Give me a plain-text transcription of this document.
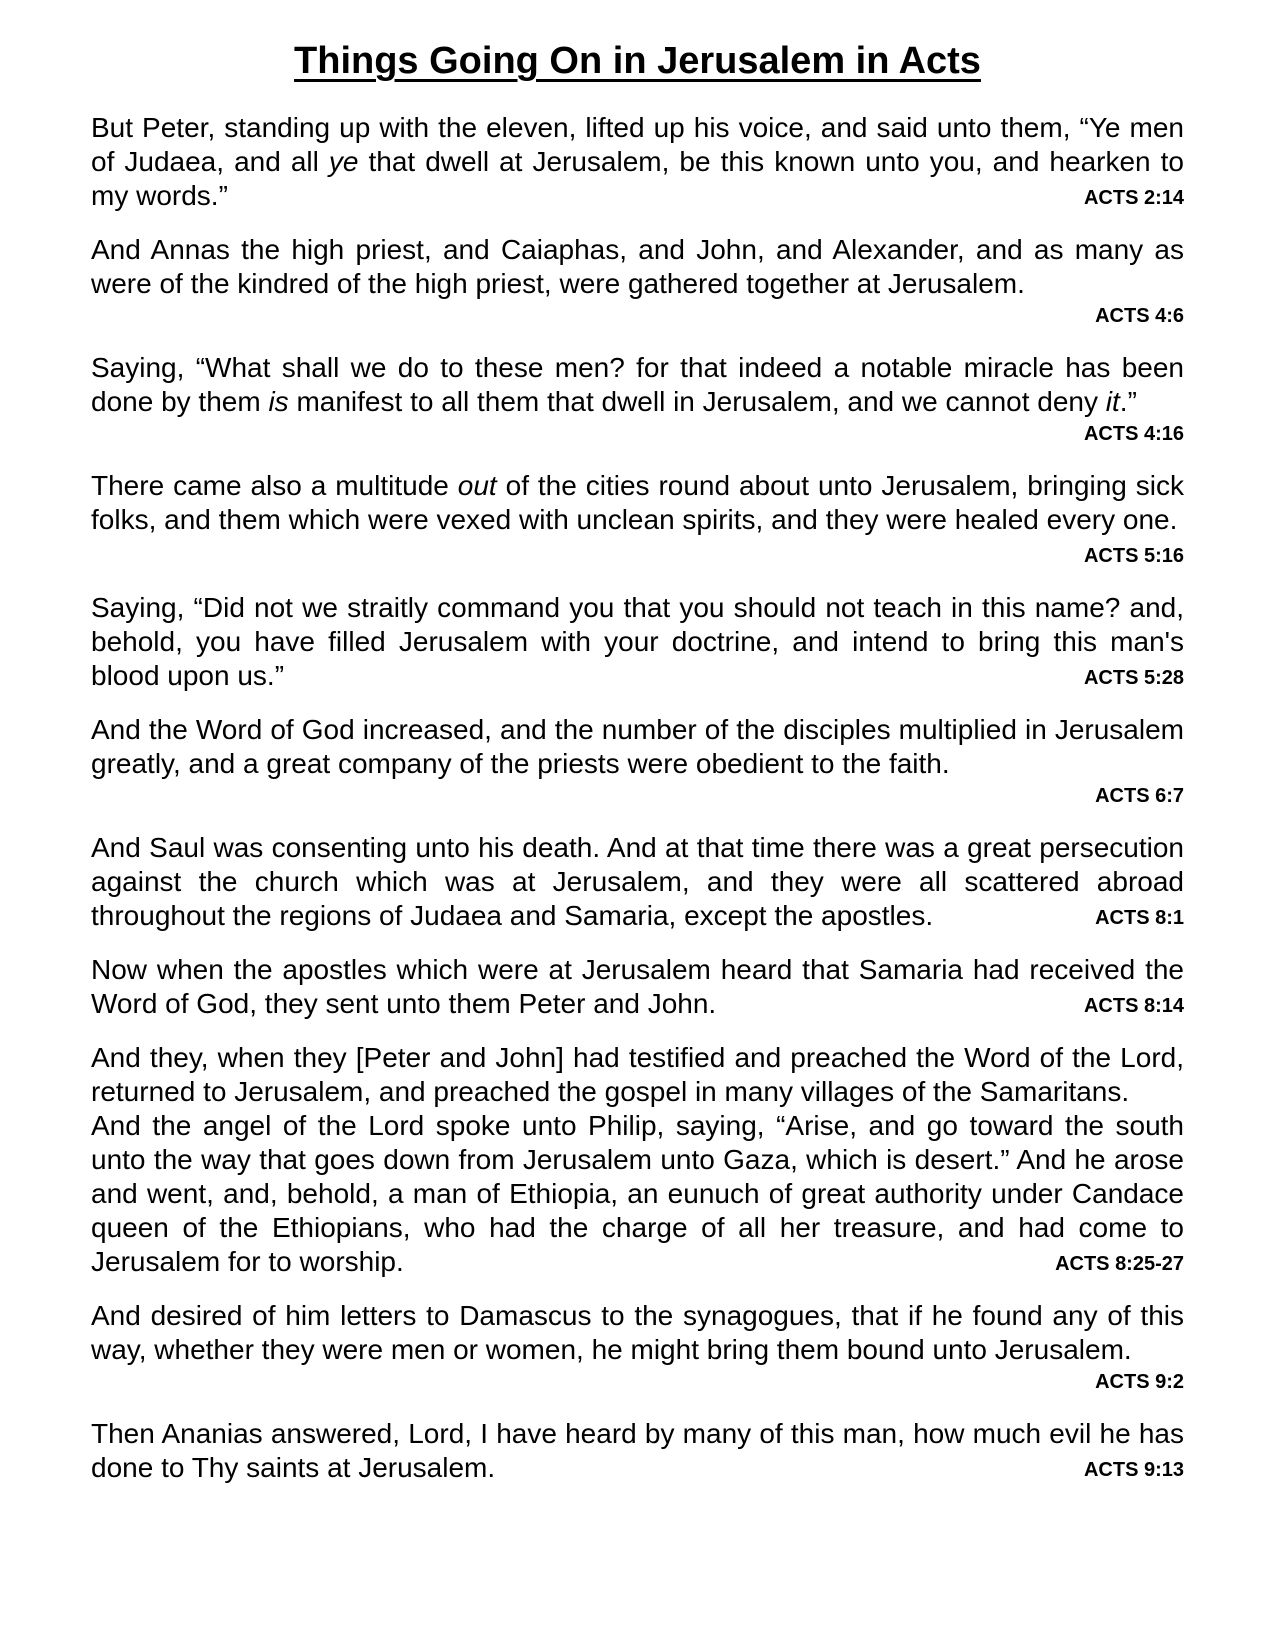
Things Going On in Jerusalem in Acts

But Peter, standing up with the eleven, lifted up his voice, and said unto them, “Ye men of Judaea, and all ye that dwell at Jerusalem, be this known unto you, and hearken to my words.”	ACTS 2:14

And Annas the high priest, and Caiaphas, and John, and Alexander, and as many as were of the kindred of the high priest, were gathered together at Jerusalem.

ACTS 4:6

Saying, “What shall we do to these men? for that indeed a notable miracle has been done by them is manifest to all them that dwell in Jerusalem, and we cannot deny it.”

ACTS 4:16

There came also a multitude out of the cities round about unto Jerusalem, bringing sick folks, and them which were vexed with unclean spirits, and they were healed every one.
ACTS 5:16

Saying, “Did not we straitly command you that you should not teach in this name? and, behold, you have filled Jerusalem with your doctrine, and intend to bring this man's blood upon us.”	ACTS 5:28

And the Word of God increased, and the number of the disciples multiplied in Jerusalem greatly, and a great company of the priests were obedient to the faith.

ACTS 6:7

And Saul was consenting unto his death. And at that time there was a great persecution against the church which was at Jerusalem, and they were all scattered abroad throughout the regions of Judaea and Samaria, except the apostles.	ACTS 8:1

Now when the apostles which were at Jerusalem heard that Samaria had received the Word of God, they sent unto them Peter and John.	ACTS 8:14

And they, when they [Peter and John] had testified and preached the Word of the Lord, returned to Jerusalem, and preached the gospel in many villages of the Samaritans.

And the angel of the Lord spoke unto Philip, saying, “Arise, and go toward the south unto the way that goes down from Jerusalem unto Gaza, which is desert.” And he arose and went, and, behold, a man of Ethiopia, an eunuch of great authority under Candace queen of the Ethiopians, who had the charge of all her treasure, and had come to Jerusalem for to worship.	ACTS 8:25-27

And desired of him letters to Damascus to the synagogues, that if he found any of this way, whether they were men or women, he might bring them bound unto Jerusalem.

ACTS 9:2

Then Ananias answered, Lord, I have heard by many of this man, how much evil he has done to Thy saints at Jerusalem.	ACTS 9:13
